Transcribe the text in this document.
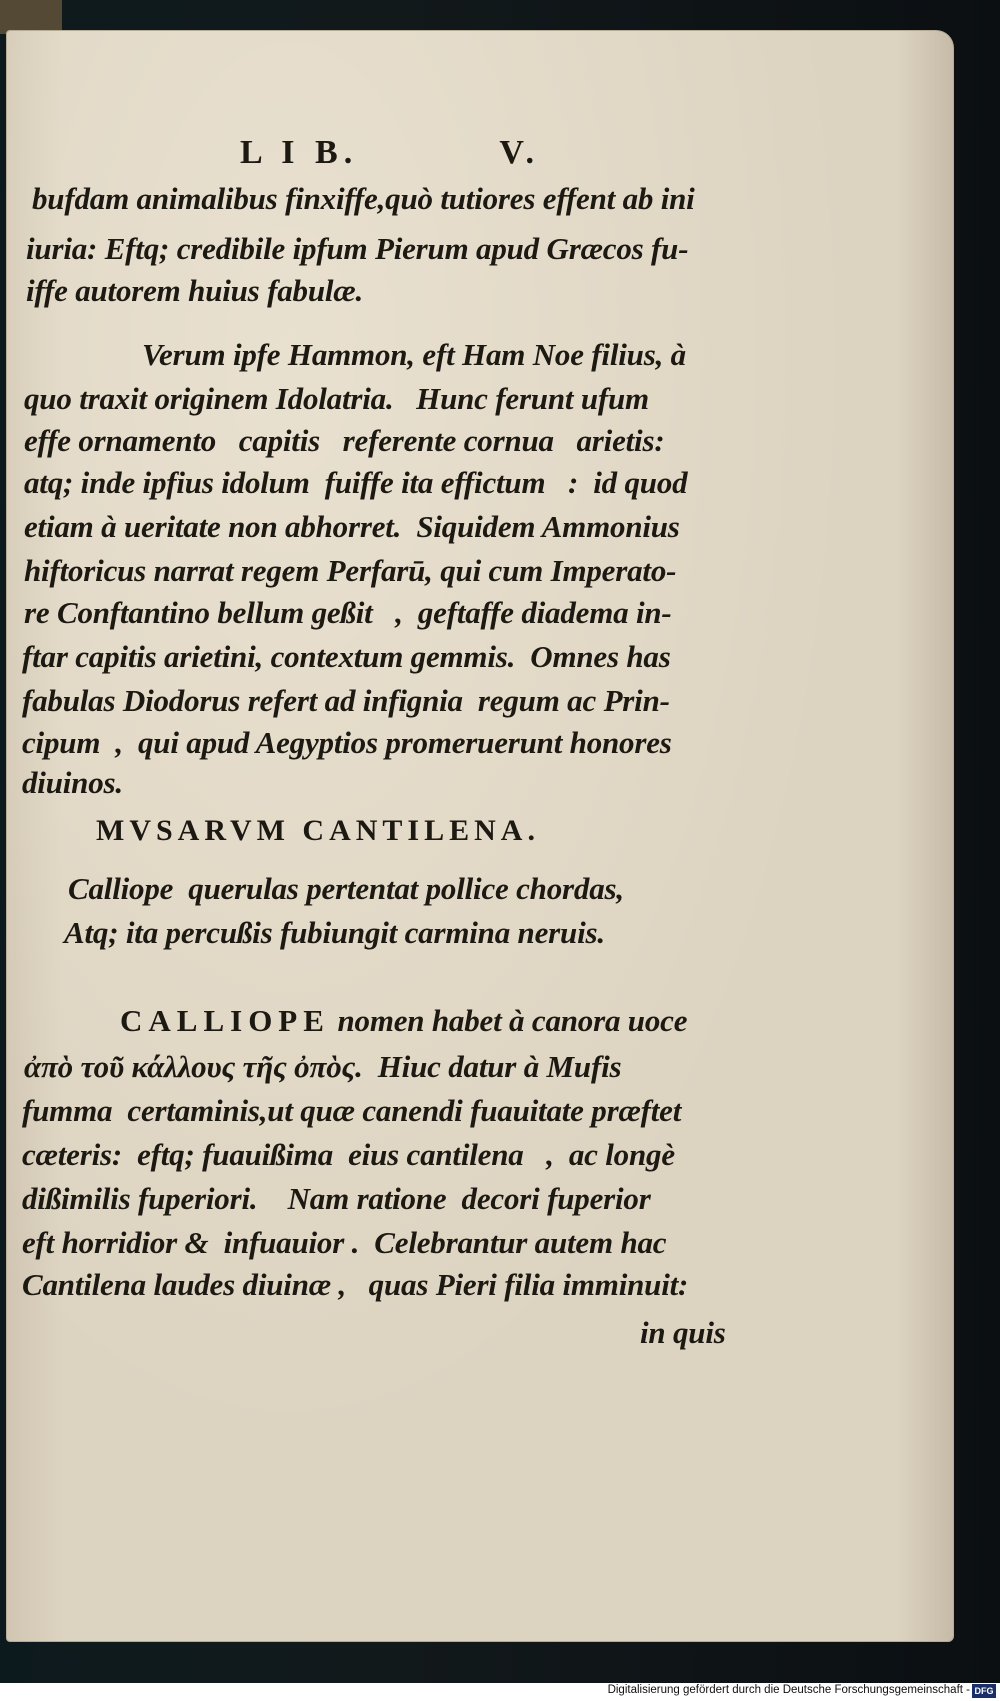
L I B.	V.
bufdam animalibus finxiffe,quò tutiores effent ab ini
iuria: Eftq; credibile ipfum Pierum apud Græcos fu-
iffe autorem huius fabulæ.
Verum ipfe Hammon, eft Ham Noe filius, à
quo traxit originem Idolatria.   Hunc ferunt ufum
effe ornamento   capitis   referente cornua   arietis:
atq; inde ipfius idolum  fuiffe ita effictum   :  id quod
etiam à ueritate non abhorret.  Siquidem Ammonius
hiftoricus narrat regem Perfarū, qui cum Imperato-
re Conftantino bellum geßit   ,  geftaffe diadema in-
ftar capitis arietini, contextum gemmis.  Omnes has
fabulas Diodorus refert ad infignia  regum ac Prin-
cipum  ,  qui apud Aegyptios promeruerunt honores
diuinos.
MVSARVM CANTILENA.
Calliope  querulas pertentat pollice chordas,
Atq; ita percußis fubiungit carmina neruis.
CALLIOPE nomen habet à canora uoce
ἀπὸ τοῦ κάλλους τῆς ὀπὸς.  Hiuc datur à Mufis
fumma  certaminis,ut quæ canendi fuauitate præftet
cæteris:  eftq; fuauißima  eius cantilena   ,  ac longè
dißimilis fuperiori.    Nam ratione  decori fuperior
eft horridior &  infuauior .  Celebrantur autem hac
Cantilena laudes diuinæ ,   quas Pieri filia imminuit:
in quis
Digitalisierung gefördert durch die Deutsche Forschungsgemeinschaft - DFG
